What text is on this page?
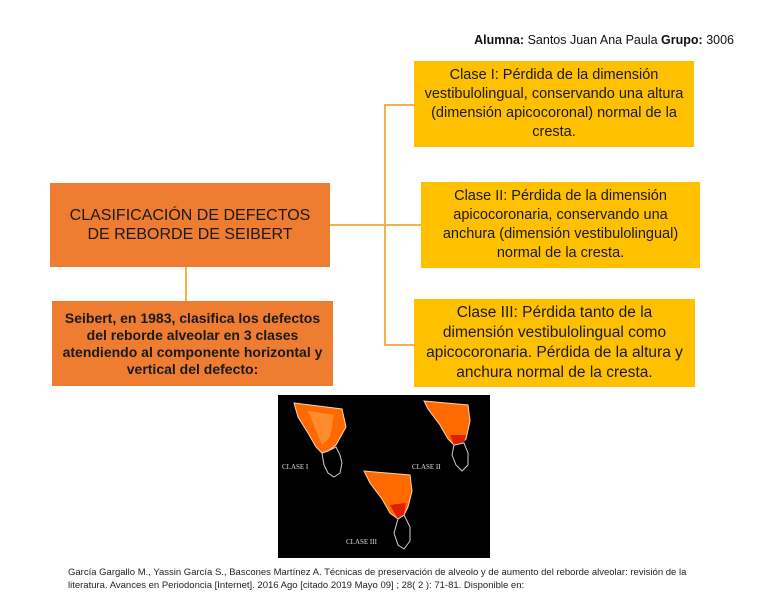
Alumna: Santos Juan Ana Paula Grupo: 3006
CLASIFICACIÓN DE DEFECTOS DE REBORDE DE SEIBERT
Seibert, en 1983, clasifica los defectos del reborde alveolar en 3 clases atendiendo al componente horizontal y vertical del defecto:
Clase I: Pérdida de la dimensión vestibulolingual, conservando una altura (dimensión apicocoronal) normal de la cresta.
Clase II: Pérdida de la dimensión apicocoronaria, conservando una anchura (dimensión vestibulolingual) normal de la cresta.
Clase III: Pérdida tanto de la dimensión vestibulolingual como apicocoronaria. Pérdida de la altura y anchura normal de la cresta.
CLASE I	CLASE II
CLASE III
García Gargallo M., Yassin García S., Bascones Martínez A. Técnicas de preservación de alveolo y de aumento del reborde alveolar: revisión de la literatura. Avances en Periodoncia [Internet]. 2016 Ago [citado 2019 Mayo 09] ; 28( 2 ): 71-81. Disponible en:
